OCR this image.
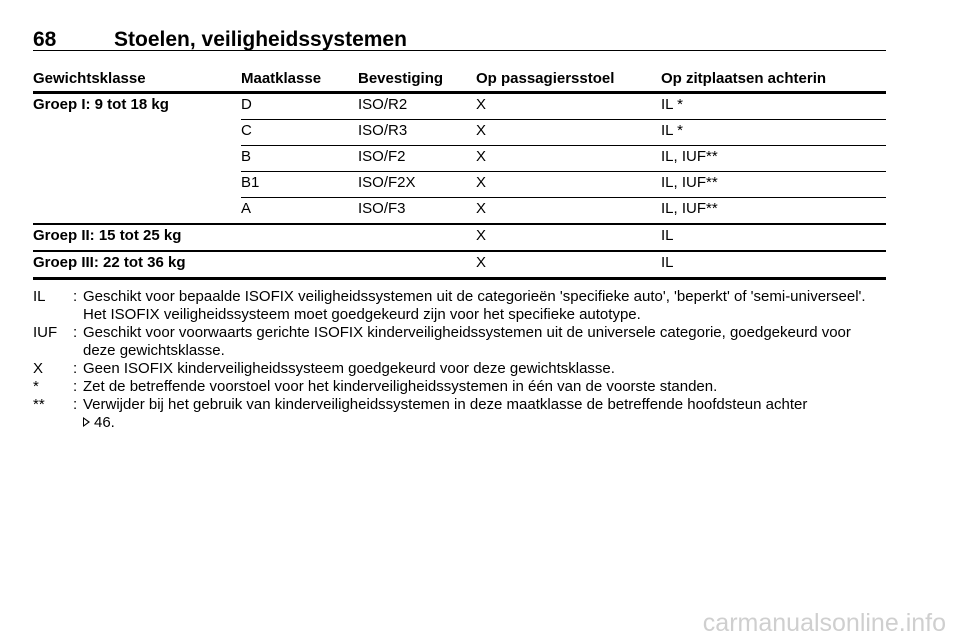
68	Stoelen, veiligheidssystemen
Gewichtsklasse	Maatklasse	Bevestiging	Op passagiersstoel	Op zitplaatsen achterin
Groep I: 9 tot 18 kg	D	ISO/R2	X	IL *
	C	ISO/R3	X	IL *
	B	ISO/F2	X	IL, IUF**
	B1	ISO/F2X	X	IL, IUF**
	A	ISO/F3	X	IL, IUF**
Groep II: 15 tot 25 kg			X	IL
Groep III: 22 tot 36 kg			X	IL
IL	: Geschikt voor bepaalde ISOFIX veiligheidssystemen uit de categorieën 'specifieke auto', 'beperkt' of 'semi-universeel'. Het ISOFIX veiligheidssysteem moet goedgekeurd zijn voor het specifieke autotype.
IUF	: Geschikt voor voorwaarts gerichte ISOFIX kinderveiligheidssystemen uit de universele categorie, goedgekeurd voor deze gewichtsklasse.
X	: Geen ISOFIX kinderveiligheidssysteem goedgekeurd voor deze gewichtsklasse.
*	: Zet de betreffende voorstoel voor het kinderveiligheidssystemen in één van de voorste standen.
**	: Verwijder bij het gebruik van kinderveiligheidssystemen in deze maatklasse de betreffende hoofdsteun achter
46.
carmanualsonline.info
